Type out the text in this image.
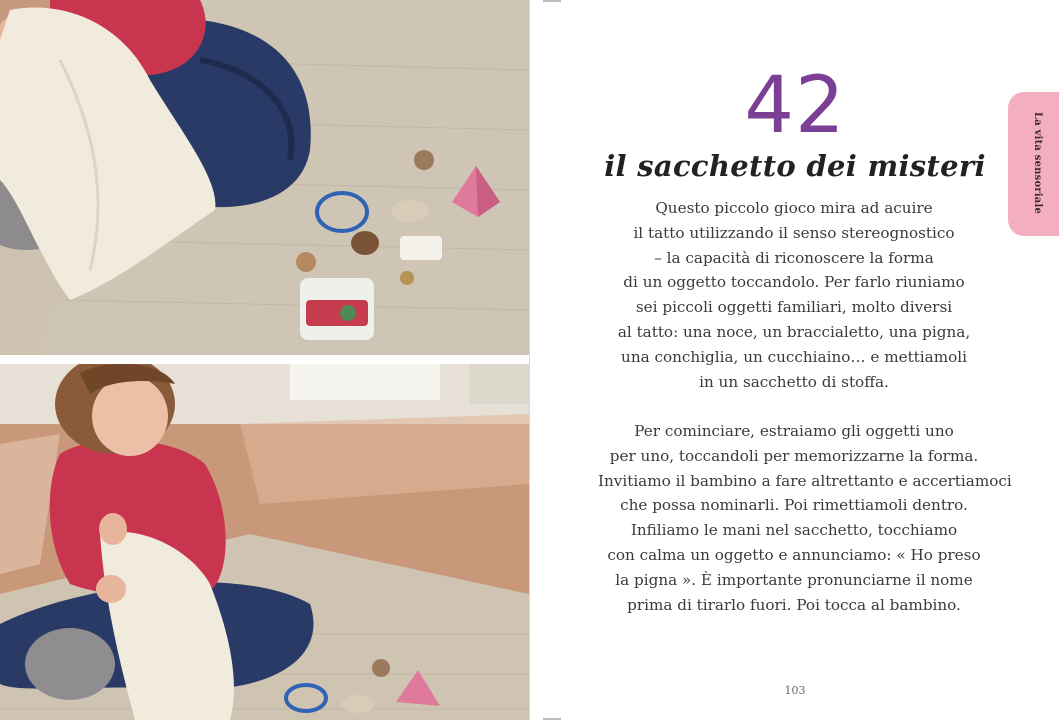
42
il sacchetto dei misteri
Questo piccolo gioco mira ad acuire
il tatto utilizzando il senso stereognostico
– la capacità di riconoscere la forma
di un oggetto toccandolo. Per farlo riuniamo
sei piccoli oggetti familiari, molto diversi
al tatto: una noce, un braccialetto, una pigna,
una conchiglia, un cucchiaino… e mettiamoli
in un sacchetto di stoffa.
Per cominciare, estraiamo gli oggetti uno
per uno, toccandoli per memorizzarne la forma.
Invitiamo il bambino a fare altrettanto e accertiamoci
che possa nominarli. Poi rimettiamoli dentro.
Infiliamo le mani nel sacchetto, tocchiamo
con calma un oggetto e annunciamo: « Ho preso
la pigna ». È importante pronunciarne il nome
prima di tirarlo fuori. Poi tocca al bambino.
La vita sensoriale
103
